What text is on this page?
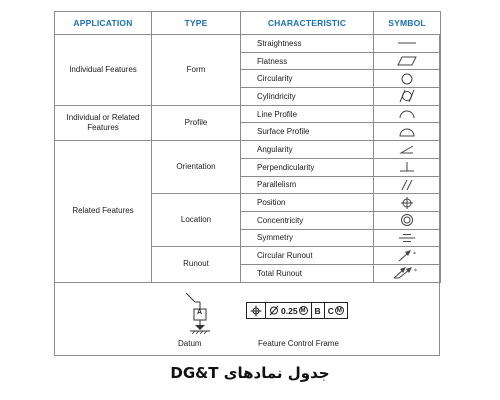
APPLICATION	TYPE	CHARACTERISTIC	SYMBOL
Individual Features	Form	Straightness	

		Flatness	

		Circularity	

		Cylindricity	

Individual or Related Features	Profile	Line Profile	

		Surface Profile	

Related Features	Orientation	Angularity	

		Perpendicularity	

		Parallelism	

	Location	Position	

		Concentricity	

		Symmetry	

	Runout	Circular Runout	*

		Total Runout	*
A
Datum
0.25 M	B C M
Feature Control Frame
جدول نمادهای DG&T
